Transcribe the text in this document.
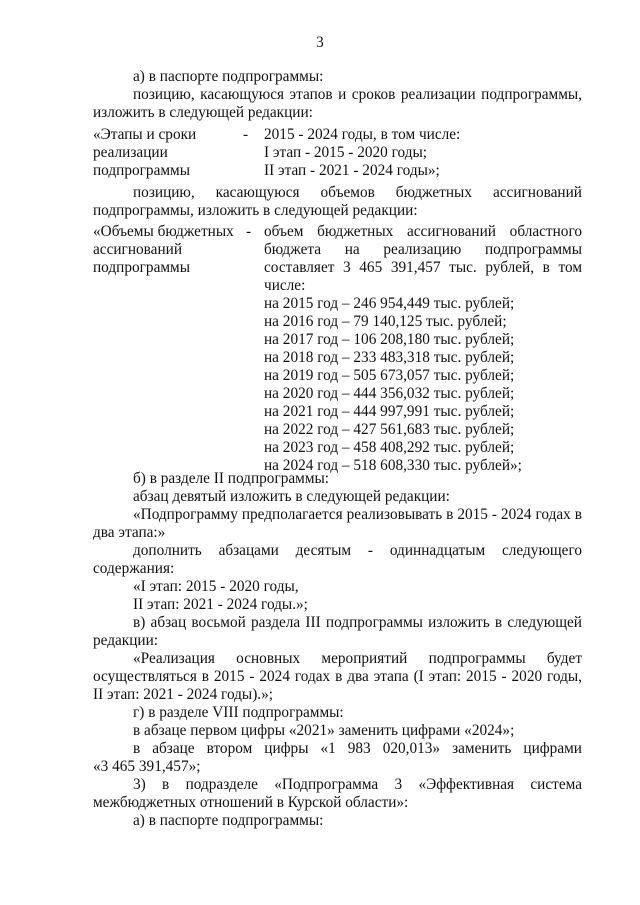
3
а) в паспорте подпрограммы:
позицию, касающуюся этапов и сроков реализации подпрограммы,
изложить в следующей редакции:
«Этапы и сроки
реализации
подпрограммы
- 2015 - 2024 годы, в том числе:
I этап - 2015 - 2020 годы;
II этап - 2021 - 2024 годы»;
позицию, касающуюся объемов бюджетных ассигнований
подпрограммы, изложить в следующей редакции:
«Объемы бюджетных
ассигнований
подпрограммы
- объем бюджетных ассигнований областного
бюджета на реализацию подпрограммы
составляет 3 465 391,457 тыс. рублей, в том
числе:
на 2015 год – 246 954,449 тыс. рублей;
на 2016 год – 79 140,125 тыс. рублей;
на 2017 год – 106 208,180 тыс. рублей;
на 2018 год – 233 483,318 тыс. рублей;
на 2019 год – 505 673,057 тыс. рублей;
на 2020 год – 444 356,032 тыс. рублей;
на 2021 год – 444 997,991 тыс. рублей;
на 2022 год – 427 561,683 тыс. рублей;
на 2023 год – 458 408,292 тыс. рублей;
на 2024 год – 518 608,330 тыс. рублей»;
б) в разделе II подпрограммы:
абзац девятый изложить в следующей редакции:
«Подпрограмму предполагается реализовывать в 2015 - 2024 годах в
два этапа:»
дополнить абзацами десятым - одиннадцатым следующего
содержания:
«I этап: 2015 - 2020 годы,
II этап: 2021 - 2024 годы.»;
в) абзац восьмой раздела III подпрограммы изложить в следующей
редакции:
«Реализация основных мероприятий подпрограммы будет
осуществляться в 2015 - 2024 годах в два этапа (I этап: 2015 - 2020 годы,
II этап: 2021 - 2024 годы).»;
г) в разделе VIII подпрограммы:
в абзаце первом цифры «2021» заменить цифрами «2024»;
в абзаце втором цифры «1 983 020,013» заменить цифрами
«3 465 391,457»;
3) в подразделе «Подпрограмма 3 «Эффективная система
межбюджетных отношений в Курской области»:
а) в паспорте подпрограммы:
